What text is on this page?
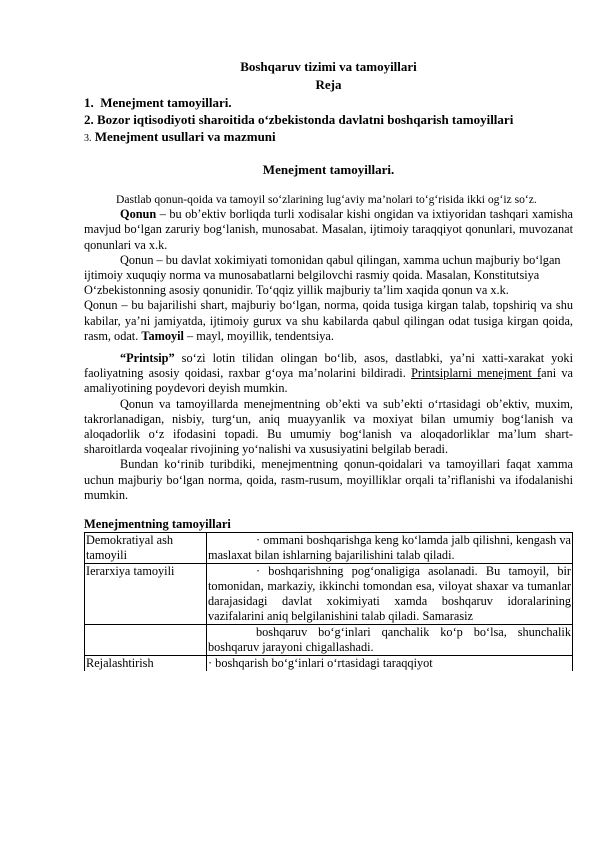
Boshqaruv tizimi va tamoyillari
Reja
1. Menejment tamoyillari.
2. Bozor iqtisodiyoti sharoitida o‘zbekistonda davlatni boshqarish tamoyillari
3. Menejment usullari va mazmuni
Menejment tamoyillari.

Dastlab qonun-qoida va tamoyil so‘zlarining lug‘aviy ma’nolari to‘g‘risida ikki og‘iz so‘z.

Qonun – bu ob’ektiv borliqda turli xodisalar kishi ongidan va ixtiyoridan tashqari xamisha mavjud bo‘lgan zaruriy bog‘lanish, munosabat. Masalan, ijtimoiy taraqqiyot qonunlari, muvozanat qonunlari va x.k.

Qonun – bu davlat xokimiyati tomonidan qabul qilingan, xamma uchun majburiy bo‘lgan ijtimoiy xuquqiy norma va munosabatlarni belgilovchi rasmiy qoida. Masalan, Konstitutsiya O‘zbekistonning asosiy qonunidir. To‘qqiz yillik majburiy ta’lim xaqida qonun va x.k.

Qonun – bu bajarilishi shart, majburiy bo‘lgan, norma, qoida tusiga kirgan talab, topshiriq va shu kabilar, ya’ni jamiyatda, ijtimoiy gurux va shu kabilarda qabul qilingan odat tusiga kirgan qoida, rasm, odat. Tamoyil – mayl, moyillik, tendentsiya.

“Printsip” so‘zi lotin tilidan olingan bo‘lib, asos, dastlabki, ya’ni xatti-xarakat yoki faoliyatning asosiy qoidasi, raxbar g‘oya ma’nolarini bildiradi. Printsiplarni menejment fani va amaliyotining poydevori deyish mumkin.

Qonun va tamoyillarda menejmentning ob’ekti va sub’ekti o‘rtasidagi ob’ektiv, muxim, takrorlanadigan, nisbiy, turg‘un, aniq muayyanlik va moxiyat bilan umumiy bog‘lanish va aloqadorlik o‘z ifodasini topadi. Bu umumiy bog‘lanish va aloqadorliklar ma’lum shart-sharoitlarda voqealar rivojining yo‘nalishi va xususiyatini belgilab beradi.

Bundan ko‘rinib turibdiki, menejmentning qonun-qoidalari va tamoyillari faqat xamma uchun majburiy bo‘lgan norma, qoida, rasm-rusum, moyilliklar orqali ta’riflanishi va ifodalanishi mumkin.

Menejmentning tamoyillari
Demokratiyal ash tamoyili	· ommani boshqarishga keng ko‘lamda jalb qilishni, kengash va maslaxat bilan ishlarning bajarilishini talab qiladi.

Ierarxiya tamoyili	· boshqarishning pog‘onaligiga asolanadi. Bu tamoyil, bir tomonidan, markaziy, ikkinchi tomondan esa, viloyat shaxar va tumanlar darajasidagi davlat xokimiyati xamda boshqaruv idoralarining vazifalarini aniq belgilanishini talab qiladi. Samarasiz

	boshqaruv bo‘g‘inlari qanchalik ko‘p bo‘lsa, shunchalik boshqaruv jarayoni chigallashadi.

Rejalashtirish	· boshqarish bo‘g‘inlari o‘rtasidagi taraqqiyot
